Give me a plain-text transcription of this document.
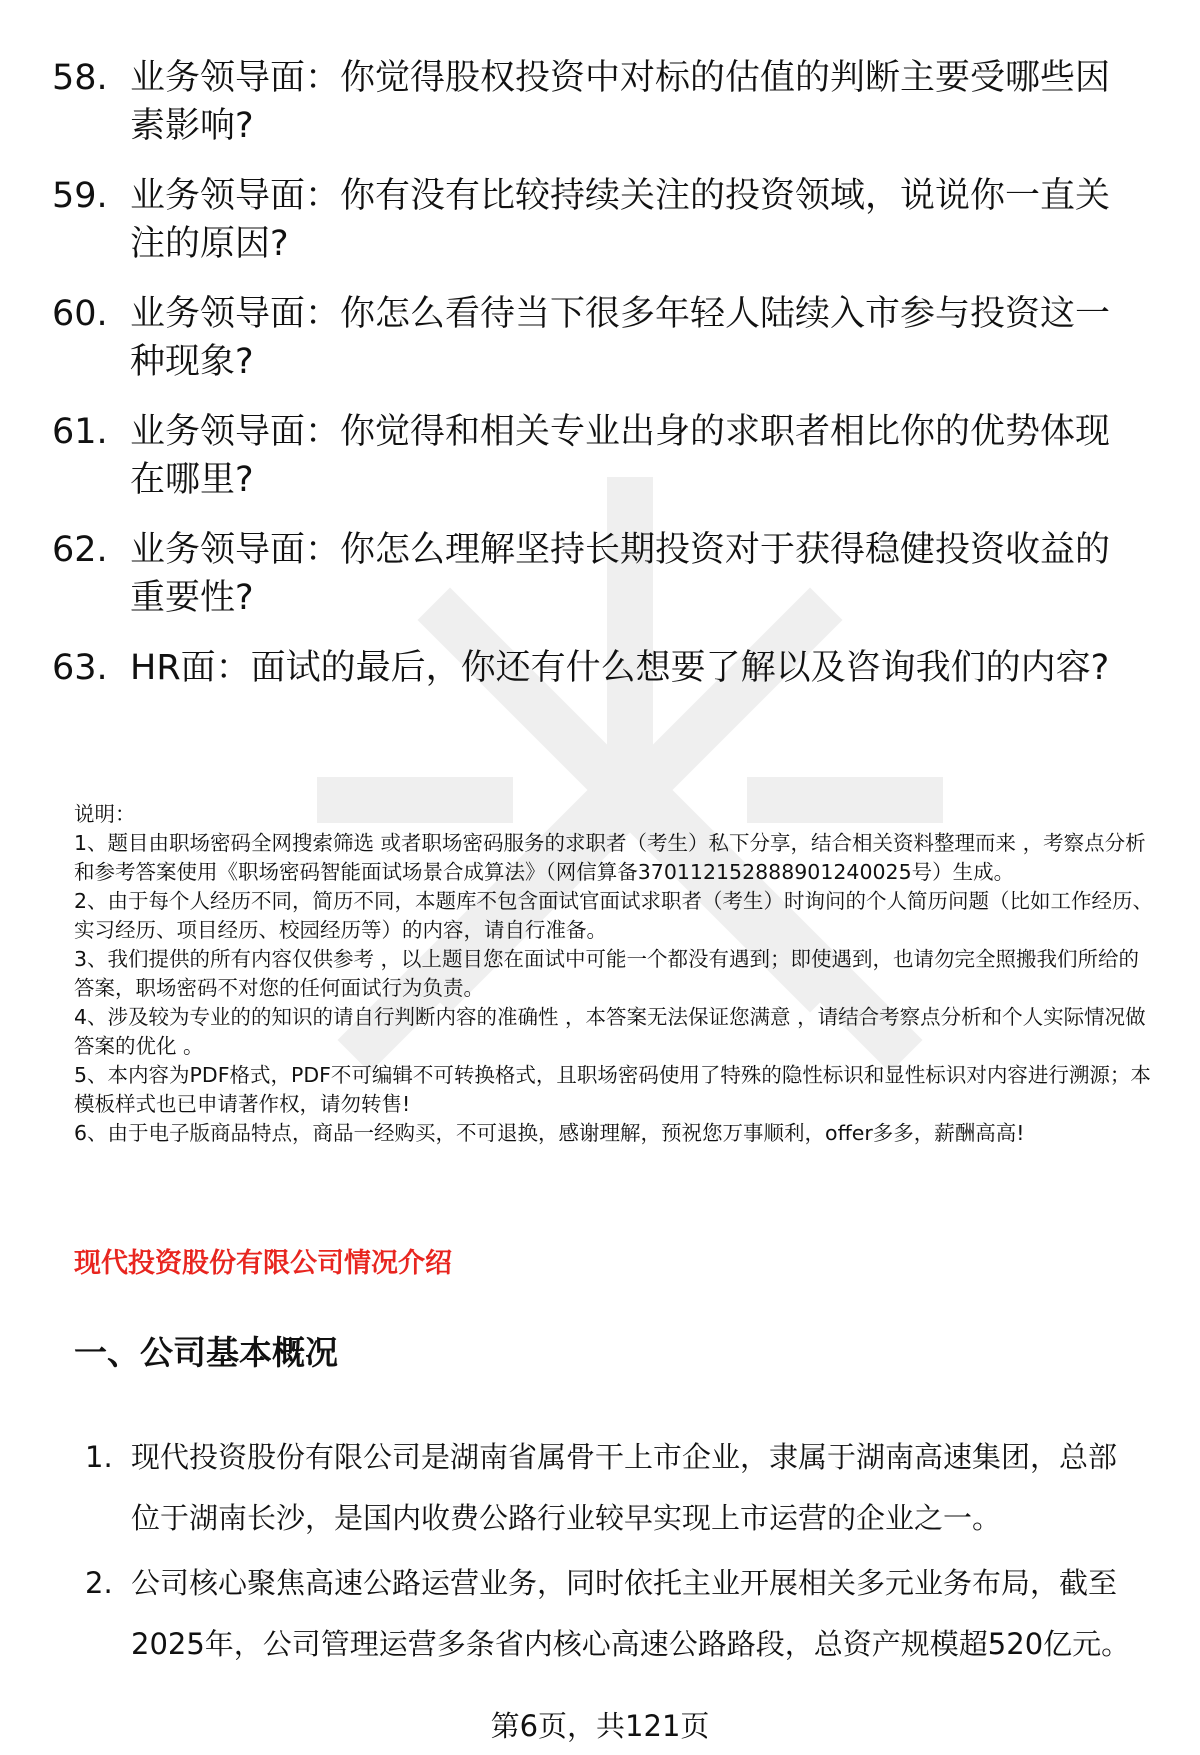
58. 业务领导面：你觉得股权投资中对标的估值的判断主要受哪些因素影响?
59. 业务领导面：你有没有比较持续关注的投资领域，说说你一直关注的原因?
60. 业务领导面：你怎么看待当下很多年轻人陆续入市参与投资这一种现象?
61. 业务领导面：你觉得和相关专业出身的求职者相比你的优势体现在哪里?
62. 业务领导面：你怎么理解坚持长期投资对于获得稳健投资收益的重要性?
63. HR面：面试的最后，你还有什么想要了解以及咨询我们的内容?

说明：

1、题目由职场密码全网搜索筛选 或者职场密码服务的求职者（考生）私下分享，结合相关资料整理而来 ，考察点分析和参考答案使用《职场密码智能面试场景合成算法》（网信算备370112152888901240025号）生成。

2、由于每个人经历不同，简历不同，本题库不包含面试官面试求职者（考生）时询问的个人简历问题（比如工作经历、实习经历、项目经历、校园经历等）的内容，请自行准备。

3、我们提供的所有内容仅供参考 ，以上题目您在面试中可能一个都没有遇到；即使遇到，也请勿完全照搬我们所给的答案，职场密码不对您的任何面试行为负责。

4、涉及较为专业的的知识的请自行判断内容的准确性 ，本答案无法保证您满意 ，请结合考察点分析和个人实际情况做答案的优化 。

5、本内容为PDF格式，PDF不可编辑不可转换格式，且职场密码使用了特殊的隐性标识和显性标识对内容进行溯源；本模板样式也已申请著作权，请勿转售!

6、由于电子版商品特点，商品一经购买，不可退换，感谢理解，预祝您万事顺利，offer多多，薪酬高高!

现代投资股份有限公司情况介绍
一、公司基本概况
1. 现代投资股份有限公司是湖南省属骨干上市企业，隶属于湖南高速集团，总部位于湖南长沙，是国内收费公路行业较早实现上市运营的企业之一。
2. 公司核心聚焦高速公路运营业务，同时依托主业开展相关多元业务布局，截至2025年，公司管理运营多条省内核心高速公路路段，总资产规模超520亿元。
第6页，共121页
